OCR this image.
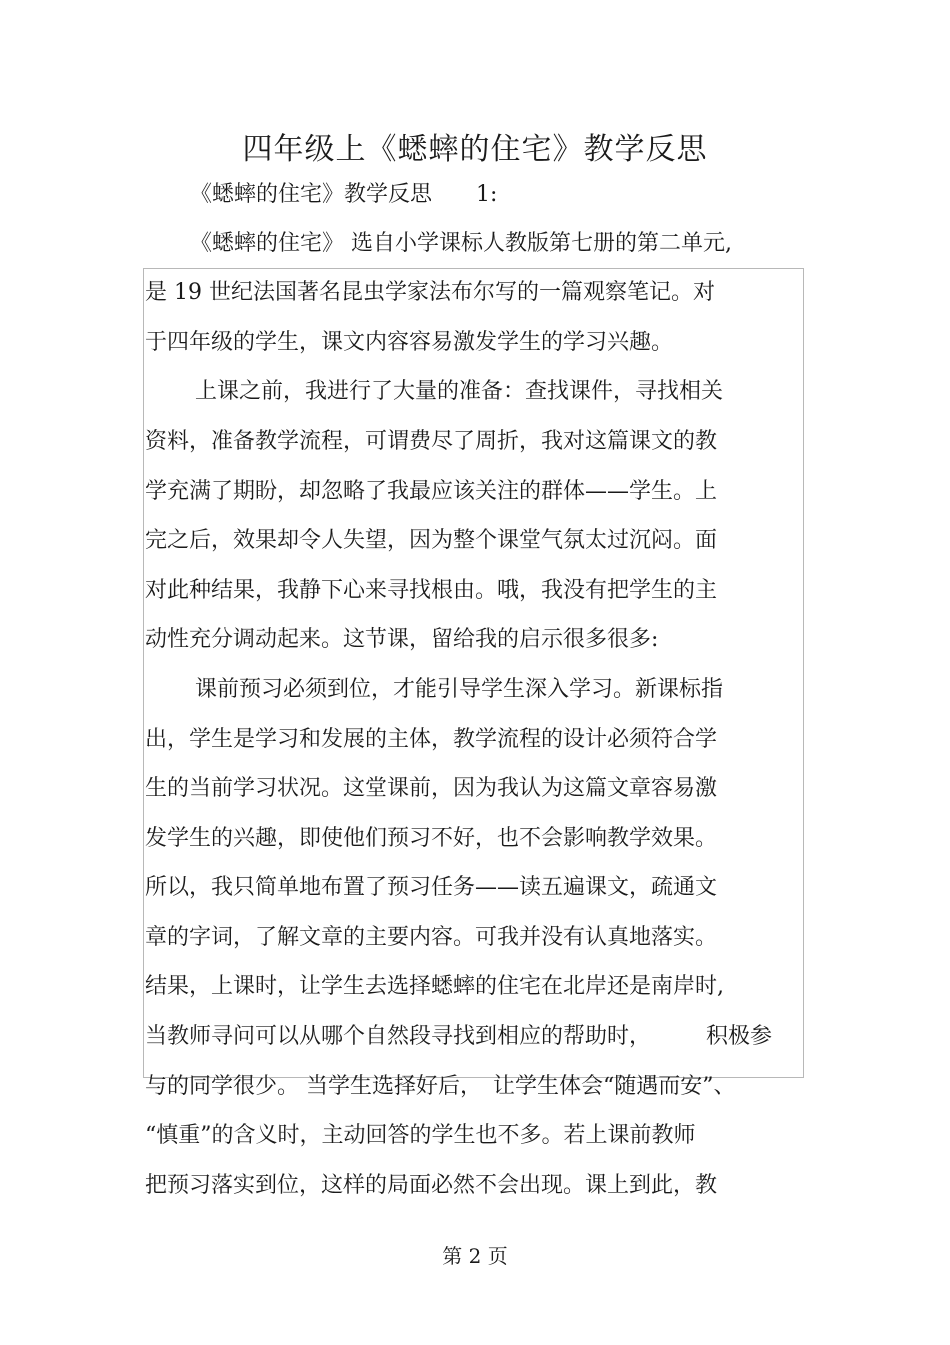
四年级上《蟋蟀的住宅》教学反思
《蟋蟀的住宅》教学反思　　1:
《蟋蟀的住宅》 选自小学课标人教版第七册的第二单元,
是 19 世纪法国著名昆虫学家法布尔写的一篇观察笔记。对
于四年级的学生，课文内容容易激发学生的学习兴趣。
上课之前，我进行了大量的准备：查找课件，寻找相关
资料，准备教学流程，可谓费尽了周折，我对这篇课文的教
学充满了期盼，却忽略了我最应该关注的群体——学生。上
完之后，效果却令人失望，因为整个课堂气氛太过沉闷。面
对此种结果，我静下心来寻找根由。哦，我没有把学生的主
动性充分调动起来。这节课，留给我的启示很多很多:
课前预习必须到位，才能引导学生深入学习。新课标指
出，学生是学习和发展的主体，教学流程的设计必须符合学
生的当前学习状况。这堂课前，因为我认为这篇文章容易激
发学生的兴趣，即使他们预习不好，也不会影响教学效果。
所以，我只简单地布置了预习任务——读五遍课文，疏通文
章的字词，了解文章的主要内容。可我并没有认真地落实。
结果，上课时，让学生去选择蟋蟀的住宅在北岸还是南岸时,
当教师寻问可以从哪个自然段寻找到相应的帮助时，　　　积极参
与的同学很少。 当学生选择好后，　让学生体会“随遇而安”、
“慎重”的含义时，主动回答的学生也不多。若上课前教师
把预习落实到位，这样的局面必然不会出现。课上到此，教
第 2 页
